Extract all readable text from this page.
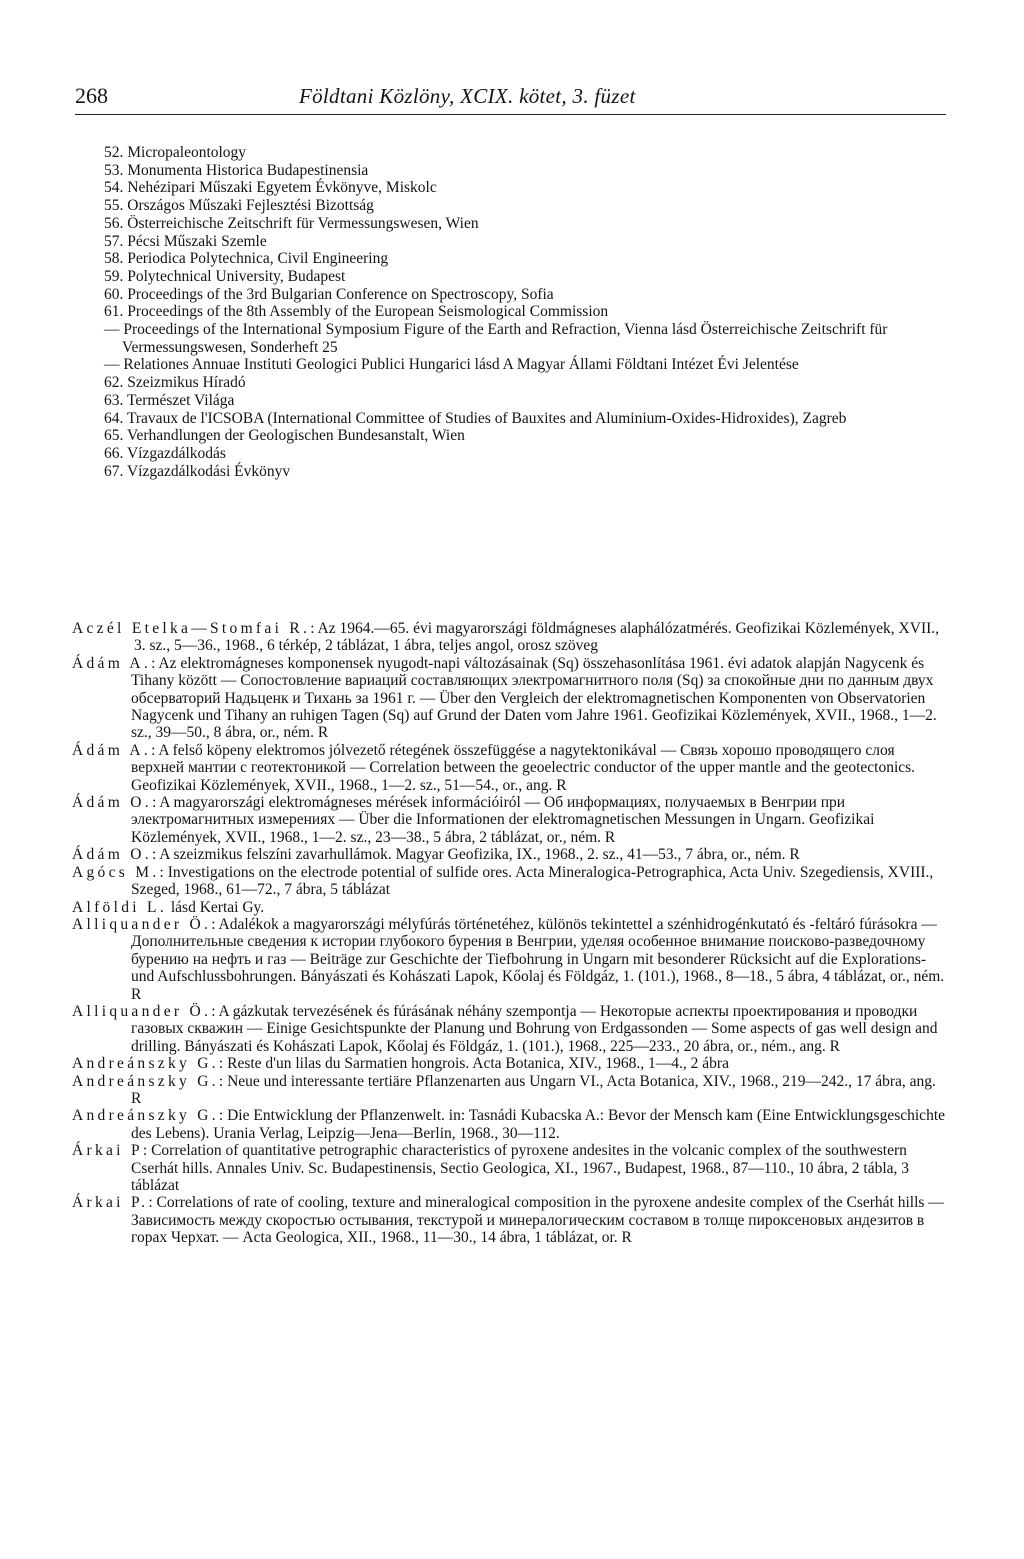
268	Földtani Közlöny, XCIX. kötet, 3. füzet
52. Micropaleontology
53. Monumenta Historica Budapestinensia
54. Nehézipari Műszaki Egyetem Évkönyve, Miskolc
55. Országos Műszaki Fejlesztési Bizottság
56. Österreichische Zeitschrift für Vermessungswesen, Wien
57. Pécsi Műszaki Szemle
58. Periodica Polytechnica, Civil Engineering
59. Polytechnical University, Budapest
60. Proceedings of the 3rd Bulgarian Conference on Spectroscopy, Sofia
61. Proceedings of the 8th Assembly of the European Seismological Commission
— Proceedings of the International Symposium Figure of the Earth and Refraction, Vienna lásd Österreichische Zeitschrift für Vermessungswesen, Sonderheft 25
— Relationes Annuae Instituti Geologici Publici Hungarici lásd A Magyar Állami Földtani Intézet Évi Jelentése
62. Szeizmikus Híradó
63. Természet Világa
64. Travaux de l'ICSOBA (International Committee of Studies of Bauxites and Aluminium-Oxides-Hidroxides), Zagreb
65. Verhandlungen der Geologischen Bundesanstalt, Wien
66. Vízgazdálkodás
67. Vízgazdálkodási Évkönyv
Aczél Etelka—Stomfai R.: Az 1964.—65. évi magyarországi földmágneses alaphálózatmérés. Geofizikai Közlemények, XVII., 3. sz., 5—36., 1968., 6 térkép, 2 táblázat, 1 ábra, teljes angol, orosz szöveg
Ádám A.: Az elektromágneses komponensek nyugodt-napi változásainak (Sq) összehasonlítása 1961. évi adatok alapján Nagycenk és Tihany között — Сопостовление вариаций составляющих электромагнитного поля (Sq) за спокойные дни по данным двух обсерваторий Надьценк и Тихань за 1961 г. — Über den Vergleich der elektromagnetischen Komponenten von Observatorien Nagycenk und Tihany an ruhigen Tagen (Sq) auf Grund der Daten vom Jahre 1961. Geofizikai Közlemények, XVII., 1968., 1—2. sz., 39—50., 8 ábra, or., ném. R
Ádám A.: A felső köpeny elektromos jólvezető rétegének összefüggése a nagytektonikával — Связь хорошо проводящего слоя верхней мантии с геотектоникой — Correlation between the geoelectric conductor of the upper mantle and the geotectonics. Geofizikai Közlemények, XVII., 1968., 1—2. sz., 51—54., or., ang. R
Ádám O.: A magyarországi elektromágneses mérések információiról — Об информациях, получаемых в Венгрии при электромагнитных измерениях — Über die Informationen der elektromagnetischen Messungen in Ungarn. Geofizikai Közlemények, XVII., 1968., 1—2. sz., 23—38., 5 ábra, 2 táblázat, or., ném. R
Ádám O.: A szeizmikus felszíni zavarhullámok. Magyar Geofizika, IX., 1968., 2. sz., 41—53., 7 ábra, or., ném. R
Agócs M.: Investigations on the electrode potential of sulfide ores. Acta Mineralogica-Petrographica, Acta Univ. Szegediensis, XVIII., Szeged, 1968., 61—72., 7 ábra, 5 táblázat
Alföldi L. lásd Kertai Gy.
Alliquander Ö.: Adalékok a magyarországi mélyfúrás történetéhez, különös tekintettel a szénhidrogénkutató és -feltáró fúrásokra — Дополнительные сведения к истории глубокого бурения в Венгрии, уделяя особенное внимание поисково-разведочному бурению на нефть и газ — Beiträge zur Geschichte der Tiefbohrung in Ungarn mit besonderer Rücksicht auf die Explorations- und Aufschlussbohrungen. Bányászati és Kohászati Lapok, Kőolaj és Földgáz, 1. (101.), 1968., 8—18., 5 ábra, 4 táblázat, or., ném. R
Alliquander Ö.: A gázkutak tervezésének és fúrásának néhány szempontja — Некоторые аспекты проектирования и проводки газовых скважин — Einige Gesichtspunkte der Planung und Bohrung von Erdgassonden — Some aspects of gas well design and drilling. Bányászati és Kohászati Lapok, Kőolaj és Földgáz, 1. (101.), 1968., 225—233., 20 ábra, or., ném., ang. R
Andreánszky G.: Reste d'un lilas du Sarmatien hongrois. Acta Botanica, XIV., 1968., 1—4., 2 ábra
Andreánszky G.: Neue und interessante tertiäre Pflanzenarten aus Ungarn VI., Acta Botanica, XIV., 1968., 219—242., 17 ábra, ang. R
Andreánszky G.: Die Entwicklung der Pflanzenwelt. in: Tasnádi Kubacska A.: Bevor der Mensch kam (Eine Entwicklungsgeschichte des Lebens). Urania Verlag, Leipzig—Jena—Berlin, 1968., 30—112.
Árkai P: Correlation of quantitative petrographic characteristics of pyroxene andesites in the volcanic complex of the southwestern Cserhát hills. Annales Univ. Sc. Budapestinensis, Sectio Geologica, XI., 1967., Budapest, 1968., 87—110., 10 ábra, 2 tábla, 3 táblázat
Árkai P.: Correlations of rate of cooling, texture and mineralogical composition in the pyroxene andesite complex of the Cserhát hills — Зависимость между скоростью остывания, текстурой и минералогическим составом в толще пироксеновых андезитов в горах Черхат. — Acta Geologica, XII., 1968., 11—30., 14 ábra, 1 táblázat, or. R
